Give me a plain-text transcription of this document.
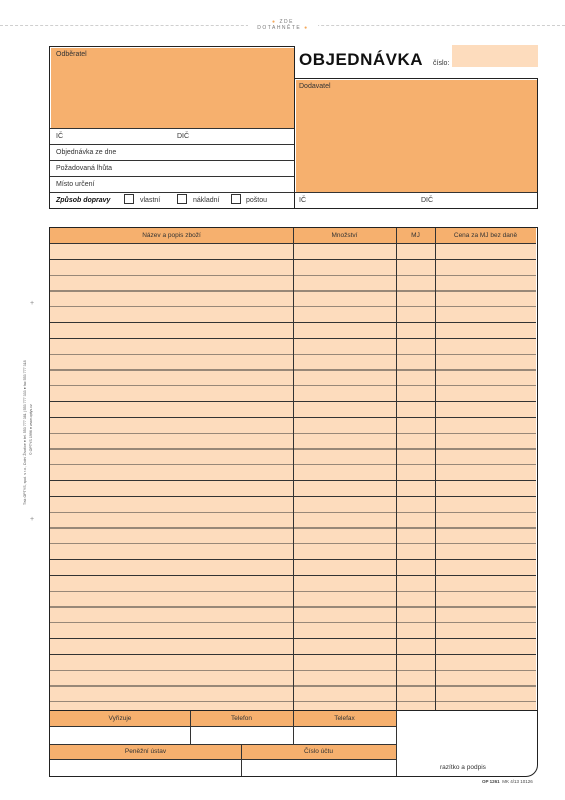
● ZDE DOTAHNĚTE ●
Tisk OPTYS, spol. s r.o., Dolní Životice ● tel. 553 777 381 | 553 777 333 ● fax 553 777 318 © OPTYS 1996 ● www.optys.cz
+
+
Odběratel
IČ	DIČ
Objednávka ze dne
Požadovaná lhůta
Místo určení
Způsob dopravy	vlastní	nákladní	poštou
OBJEDNÁVKA číslo:
Dodavatel
IČ	DIČ
Název a popis zboží	Množství	MJ	Cena za MJ bez daně
Vyřizuje	Telefon	Telefax
Peněžní ústav	Číslo účtu
razítko a podpis
OP 1261 MK 4/13 10126
